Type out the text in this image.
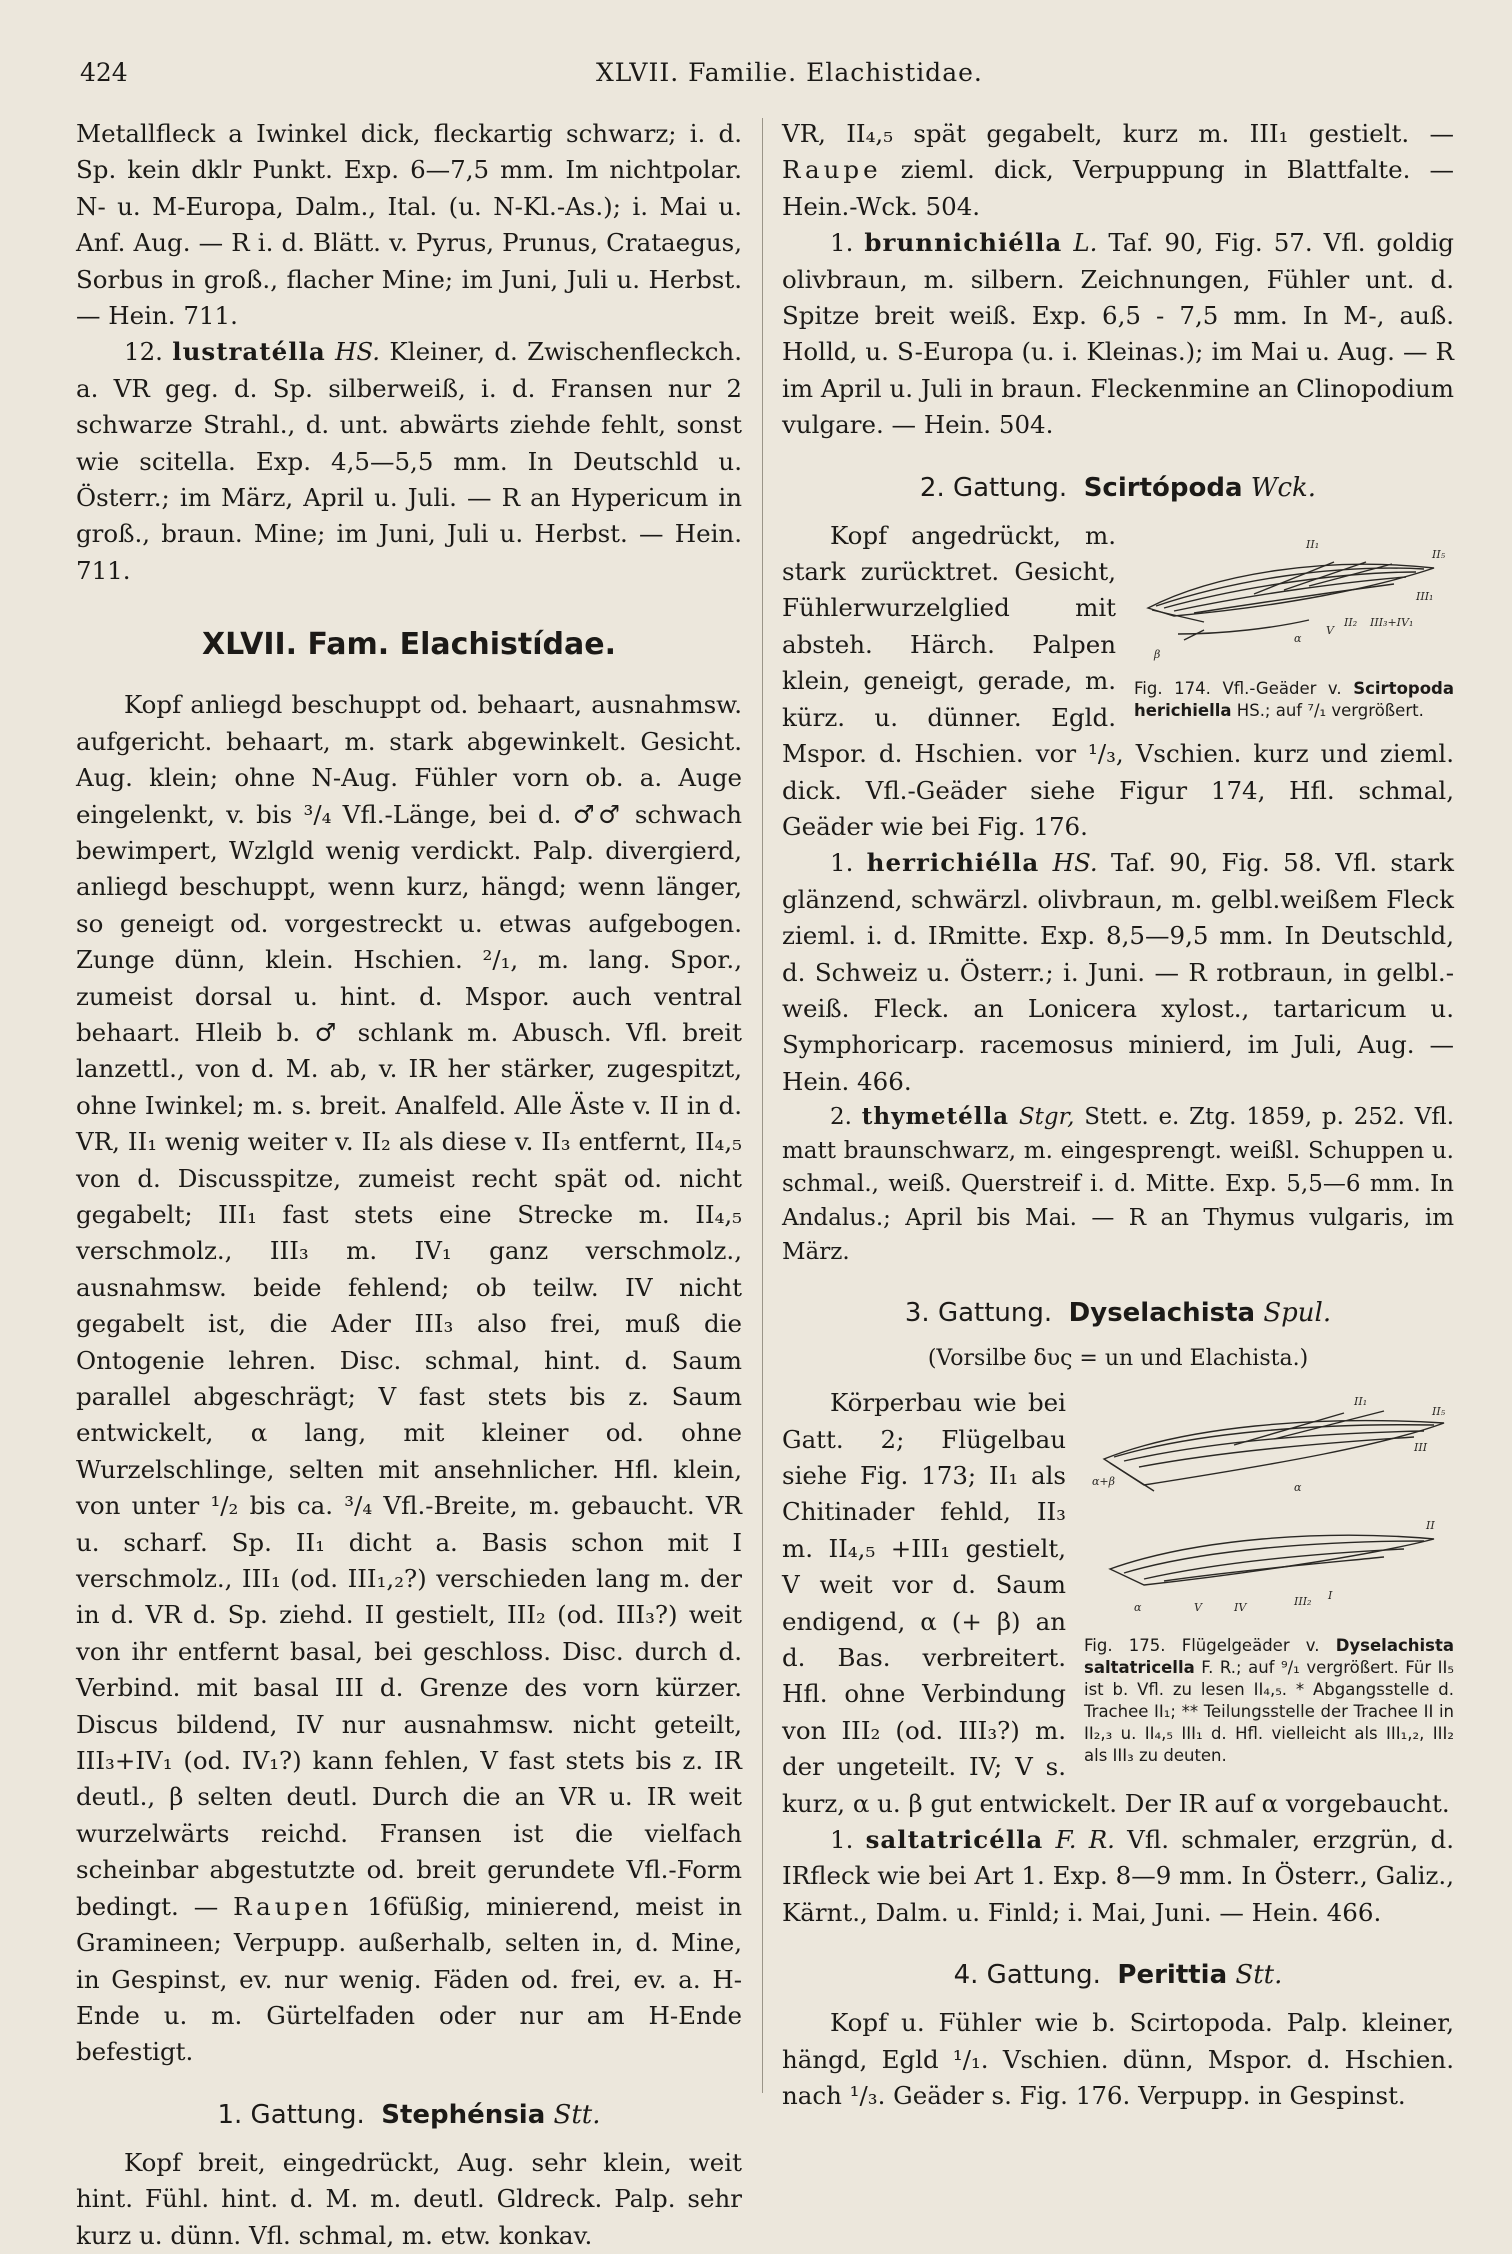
424	XLVII. Familie. Elachistidae.

Metallfleck a Iwinkel dick, fleckartig schwarz; i. d. Sp. kein dklr Punkt. Exp. 6—7,5 mm. Im nichtpolar. N- u. M-Europa, Dalm., Ital. (u. N-Kl.-As.); i. Mai u. Anf. Aug. — R i. d. Blätt. v. Pyrus, Prunus, Crataegus, Sorbus in groß., flacher Mine; im Juni, Juli u. Herbst. — Hein. 711.

12. lustratélla HS. Kleiner, d. Zwischenfleckch. a. VR geg. d. Sp. silberweiß, i. d. Fransen nur 2 schwarze Strahl., d. unt. abwärts ziehde fehlt, sonst wie scitella. Exp. 4,5—5,5 mm. In Deutschld u. Österr.; im März, April u. Juli. — R an Hypericum in groß., braun. Mine; im Juni, Juli u. Herbst. — Hein. 711.

XLVII. Fam. Elachistídae.

Kopf anliegd beschuppt od. behaart, ausnahmsw. aufgericht. behaart, m. stark abgewinkelt. Gesicht. Aug. klein; ohne N-Aug. Fühler vorn ob. a. Auge eingelenkt, v. bis ³/₄ Vfl.-Länge, bei d. ♂♂ schwach bewimpert, Wzlgld wenig verdickt. Palp. divergierd, anliegd beschuppt, wenn kurz, hängd; wenn länger, so geneigt od. vorgestreckt u. etwas aufgebogen. Zunge dünn, klein. Hschien. ²/₁, m. lang. Spor., zumeist dorsal u. hint. d. Mspor. auch ventral behaart. Hleib b. ♂ schlank m. Abusch. Vfl. breit lanzettl., von d. M. ab, v. IR her stärker, zugespitzt, ohne Iwinkel; m. s. breit. Analfeld. Alle Äste v. II in d. VR, II₁ wenig weiter v. II₂ als diese v. II₃ entfernt, II₄,₅ von d. Discusspitze, zumeist recht spät od. nicht gegabelt; III₁ fast stets eine Strecke m. II₄,₅ verschmolz., III₃ m. IV₁ ganz verschmolz., ausnahmsw. beide fehlend; ob teilw. IV nicht gegabelt ist, die Ader III₃ also frei, muß die Ontogenie lehren. Disc. schmal, hint. d. Saum parallel abgeschrägt; V fast stets bis z. Saum entwickelt, α lang, mit kleiner od. ohne Wurzelschlinge, selten mit ansehnlicher. Hfl. klein, von unter ¹/₂ bis ca. ³/₄ Vfl.-Breite, m. gebaucht. VR u. scharf. Sp. II₁ dicht a. Basis schon mit I verschmolz., III₁ (od. III₁,₂?) verschieden lang m. der in d. VR d. Sp. ziehd. II gestielt, III₂ (od. III₃?) weit von ihr entfernt basal, bei geschloss. Disc. durch d. Verbind. mit basal III d. Grenze des vorn kürzer. Discus bildend, IV nur ausnahmsw. nicht geteilt, III₃+IV₁ (od. IV₁?) kann fehlen, V fast stets bis z. IR deutl., β selten deutl. Durch die an VR u. IR weit wurzelwärts reichd. Fransen ist die vielfach scheinbar abgestutzte od. breit gerundete Vfl.-Form bedingt. — Raupen 16füßig, minierend, meist in Gramineen; Verpupp. außerhalb, selten in, d. Mine, in Gespinst, ev. nur wenig. Fäden od. frei, ev. a. H-Ende u. m. Gürtelfaden oder nur am H-Ende befestigt.

1. Gattung. Stephénsia Stt.

Kopf breit, eingedrückt, Aug. sehr klein, weit hint. Fühl. hint. d. M. m. deutl. Gldreck. Palp. sehr kurz u. dünn. Vfl. schmal, m. etw. konkav.

VR, II₄,₅ spät gegabelt, kurz m. III₁ gestielt. — Raupe zieml. dick, Verpuppung in Blattfalte. — Hein.-Wck. 504.

1. brunnichiélla L. Taf. 90, Fig. 57. Vfl. goldig olivbraun, m. silbern. Zeichnungen, Fühler unt. d. Spitze breit weiß. Exp. 6,5 - 7,5 mm. In M-, auß. Holld, u. S-Europa (u. i. Kleinas.); im Mai u. Aug. — R im April u. Juli in braun. Fleckenmine an Clinopodium vulgare. — Hein. 504.

2. Gattung. Scirtópoda Wck.
II₁
II₅
III₁
II₂ III₃+IV₁
α
V
β
Fig. 174. Vfl.-Geäder v. Scirtopoda herichiella HS.; auf ⁷/₁ vergrößert.

Kopf angedrückt, m. stark zurücktret. Gesicht, Fühlerwurzelglied mit absteh. Härch. Palpen klein, geneigt, gerade, m. kürz. u. dünner. Egld. Mspor. d. Hschien. vor ¹/₃, Vschien. kurz und zieml. dick. Vfl.-Geäder siehe Figur 174, Hfl. schmal, Geäder wie bei Fig. 176.

1. herrichiélla HS. Taf. 90, Fig. 58. Vfl. stark glänzend, schwärzl. olivbraun, m. gelbl.weißem Fleck zieml. i. d. IRmitte. Exp. 8,5—9,5 mm. In Deutschld, d. Schweiz u. Österr.; i. Juni. — R rotbraun, in gelbl.-weiß. Fleck. an Lonicera xylost., tartaricum u. Symphoricarp. racemosus minierd, im Juli, Aug. — Hein. 466.

2. thymetélla Stgr, Stett. e. Ztg. 1859, p. 252. Vfl. matt braunschwarz, m. eingesprengt. weißl. Schuppen u. schmal., weiß. Querstreif i. d. Mitte. Exp. 5,5—6 mm. In Andalus.; April bis Mai. — R an Thymus vulgaris, im März.

3. Gattung. Dyselachista Spul.
(Vorsilbe δυς = un und Elachista.)
II₁
II₅
III
α
α+β
II
α	V	IV	III₂ I
Fig. 175. Flügelgeäder v. Dyselachista saltatricella F. R.; auf ⁹/₁ vergrößert. Für II₅ ist b. Vfl. zu lesen II₄,₅. * Abgangsstelle d. Trachee II₁; ** Teilungsstelle der Trachee II in II₂,₃ u. II₄,₅ III₁ d. Hfl. vielleicht als III₁,₂, III₂ als III₃ zu deuten.

Körperbau wie bei Gatt. 2; Flügelbau siehe Fig. 173; II₁ als Chitinader fehld, II₃ m. II₄,₅ +III₁ gestielt, V weit vor d. Saum endigend, α (+ β) an d. Bas. verbreitert. Hfl. ohne Verbindung von III₂ (od. III₃?) m. der ungeteilt. IV; V s. kurz, α u. β gut entwickelt. Der IR auf α vorgebaucht.

1. saltatricélla F. R. Vfl. schmaler, erzgrün, d. IRfleck wie bei Art 1. Exp. 8—9 mm. In Österr., Galiz., Kärnt., Dalm. u. Finld; i. Mai, Juni. — Hein. 466.

4. Gattung. Perittia Stt.

Kopf u. Fühler wie b. Scirtopoda. Palp. kleiner, hängd, Egld ¹/₁. Vschien. dünn, Mspor. d. Hschien. nach ¹/₃. Geäder s. Fig. 176. Verpupp. in Gespinst.
